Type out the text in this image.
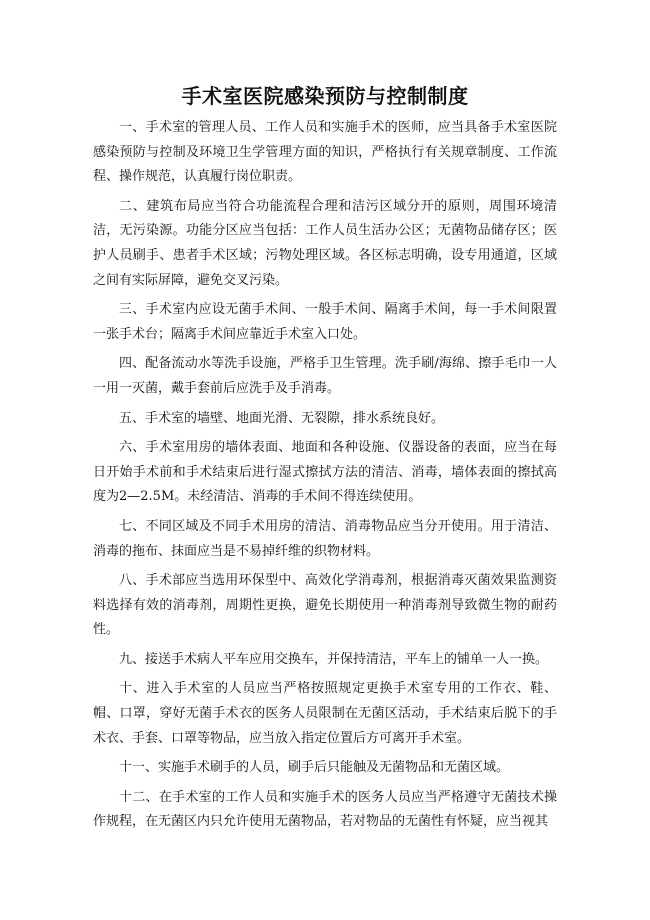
手术室医院感染预防与控制制度

一、手术室的管理人员、工作人员和实施手术的医师，应当具备手术室医院感染预防与控制及环境卫生学管理方面的知识，严格执行有关规章制度、工作流程、操作规范，认真履行岗位职责。

二、建筑布局应当符合功能流程合理和洁污区域分开的原则，周围环境清洁，无污染源。功能分区应当包括：工作人员生活办公区；无菌物品储存区；医护人员刷手、患者手术区域；污物处理区域。各区标志明确，设专用通道，区域之间有实际屏障，避免交叉污染。

三、手术室内应设无菌手术间、一般手术间、隔离手术间，每一手术间限置一张手术台；隔离手术间应靠近手术室入口处。

四、配备流动水等洗手设施，严格手卫生管理。洗手刷/海绵、擦手毛巾一人一用一灭菌，戴手套前后应洗手及手消毒。

五、手术室的墙壁、地面光滑、无裂隙，排水系统良好。

六、手术室用房的墙体表面、地面和各种设施、仪器设备的表面，应当在每日开始手术前和手术结束后进行湿式擦拭方法的清洁、消毒，墙体表面的擦拭高度为2—2.5M。未经清洁、消毒的手术间不得连续使用。

七、不同区域及不同手术用房的清洁、消毒物品应当分开使用。用于清洁、消毒的拖布、抹面应当是不易掉纤维的织物材料。

八、手术部应当选用环保型中、高效化学消毒剂，根据消毒灭菌效果监测资料选择有效的消毒剂，周期性更换，避免长期使用一种消毒剂导致微生物的耐药性。

九、接送手术病人平车应用交换车，并保持清洁，平车上的铺单一人一换。

十、进入手术室的人员应当严格按照规定更换手术室专用的工作衣、鞋、帽、口罩，穿好无菌手术衣的医务人员限制在无菌区活动，手术结束后脱下的手术衣、手套、口罩等物品，应当放入指定位置后方可离开手术室。

十一、实施手术刷手的人员，刷手后只能触及无菌物品和无菌区域。

十二、在手术室的工作人员和实施手术的医务人员应当严格遵守无菌技术操作规程，在无菌区内只允许使用无菌物品，若对物品的无菌性有怀疑，应当视其
